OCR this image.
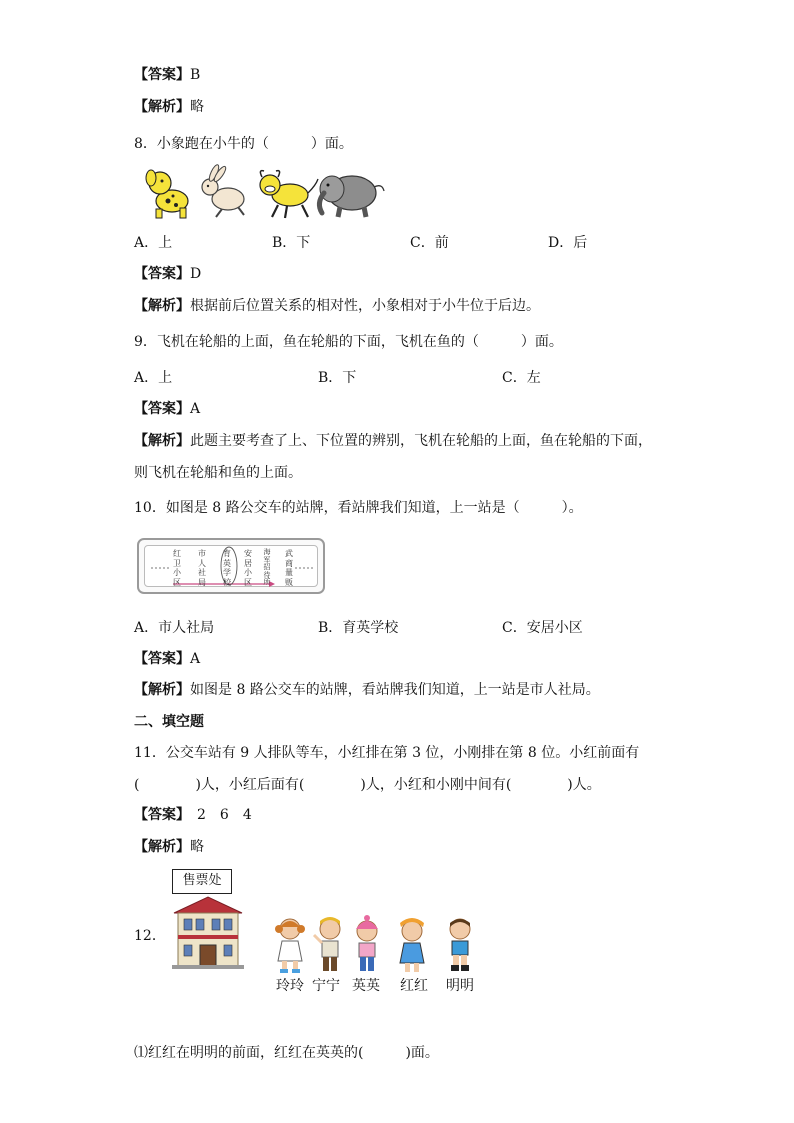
【答案】B
【解析】略
8．小象跑在小牛的（　　　）面。
A．上	B．下	C．前	D．后
【答案】D
【解析】根据前后位置关系的相对性，小象相对于小牛位于后边。
9．飞机在轮船的上面，鱼在轮船的下面，飞机在鱼的（　　　）面。
A．上	B．下	C．左
【答案】A
【解析】此题主要考查了上、下位置的辨别，飞机在轮船的上面，鱼在轮船的下面，
则飞机在轮船和鱼的上面。
10．如图是 8 路公交车的站牌，看站牌我们知道，上一站是（　　　）。
红卫小区
市人社局
育英学校
安居小区
海军招待所
武商量贩
A．市人社局	B．育英学校	C．安居小区
【答案】A
【解析】如图是 8 路公交车的站牌，看站牌我们知道，上一站是市人社局。
二、填空题
11．公交车站有 9 人排队等车，小红排在第 3 位，小刚排在第 8 位。小红前面有
(　　　　)人，小红后面有(　　　　)人，小红和小刚中间有(　　　　)人。
【答案】　2　6　4
【解析】略
售票处
12．
玲玲 宁宁 英英 红红 明明
⑴红红在明明的前面，红红在英英的(　　　)面。
